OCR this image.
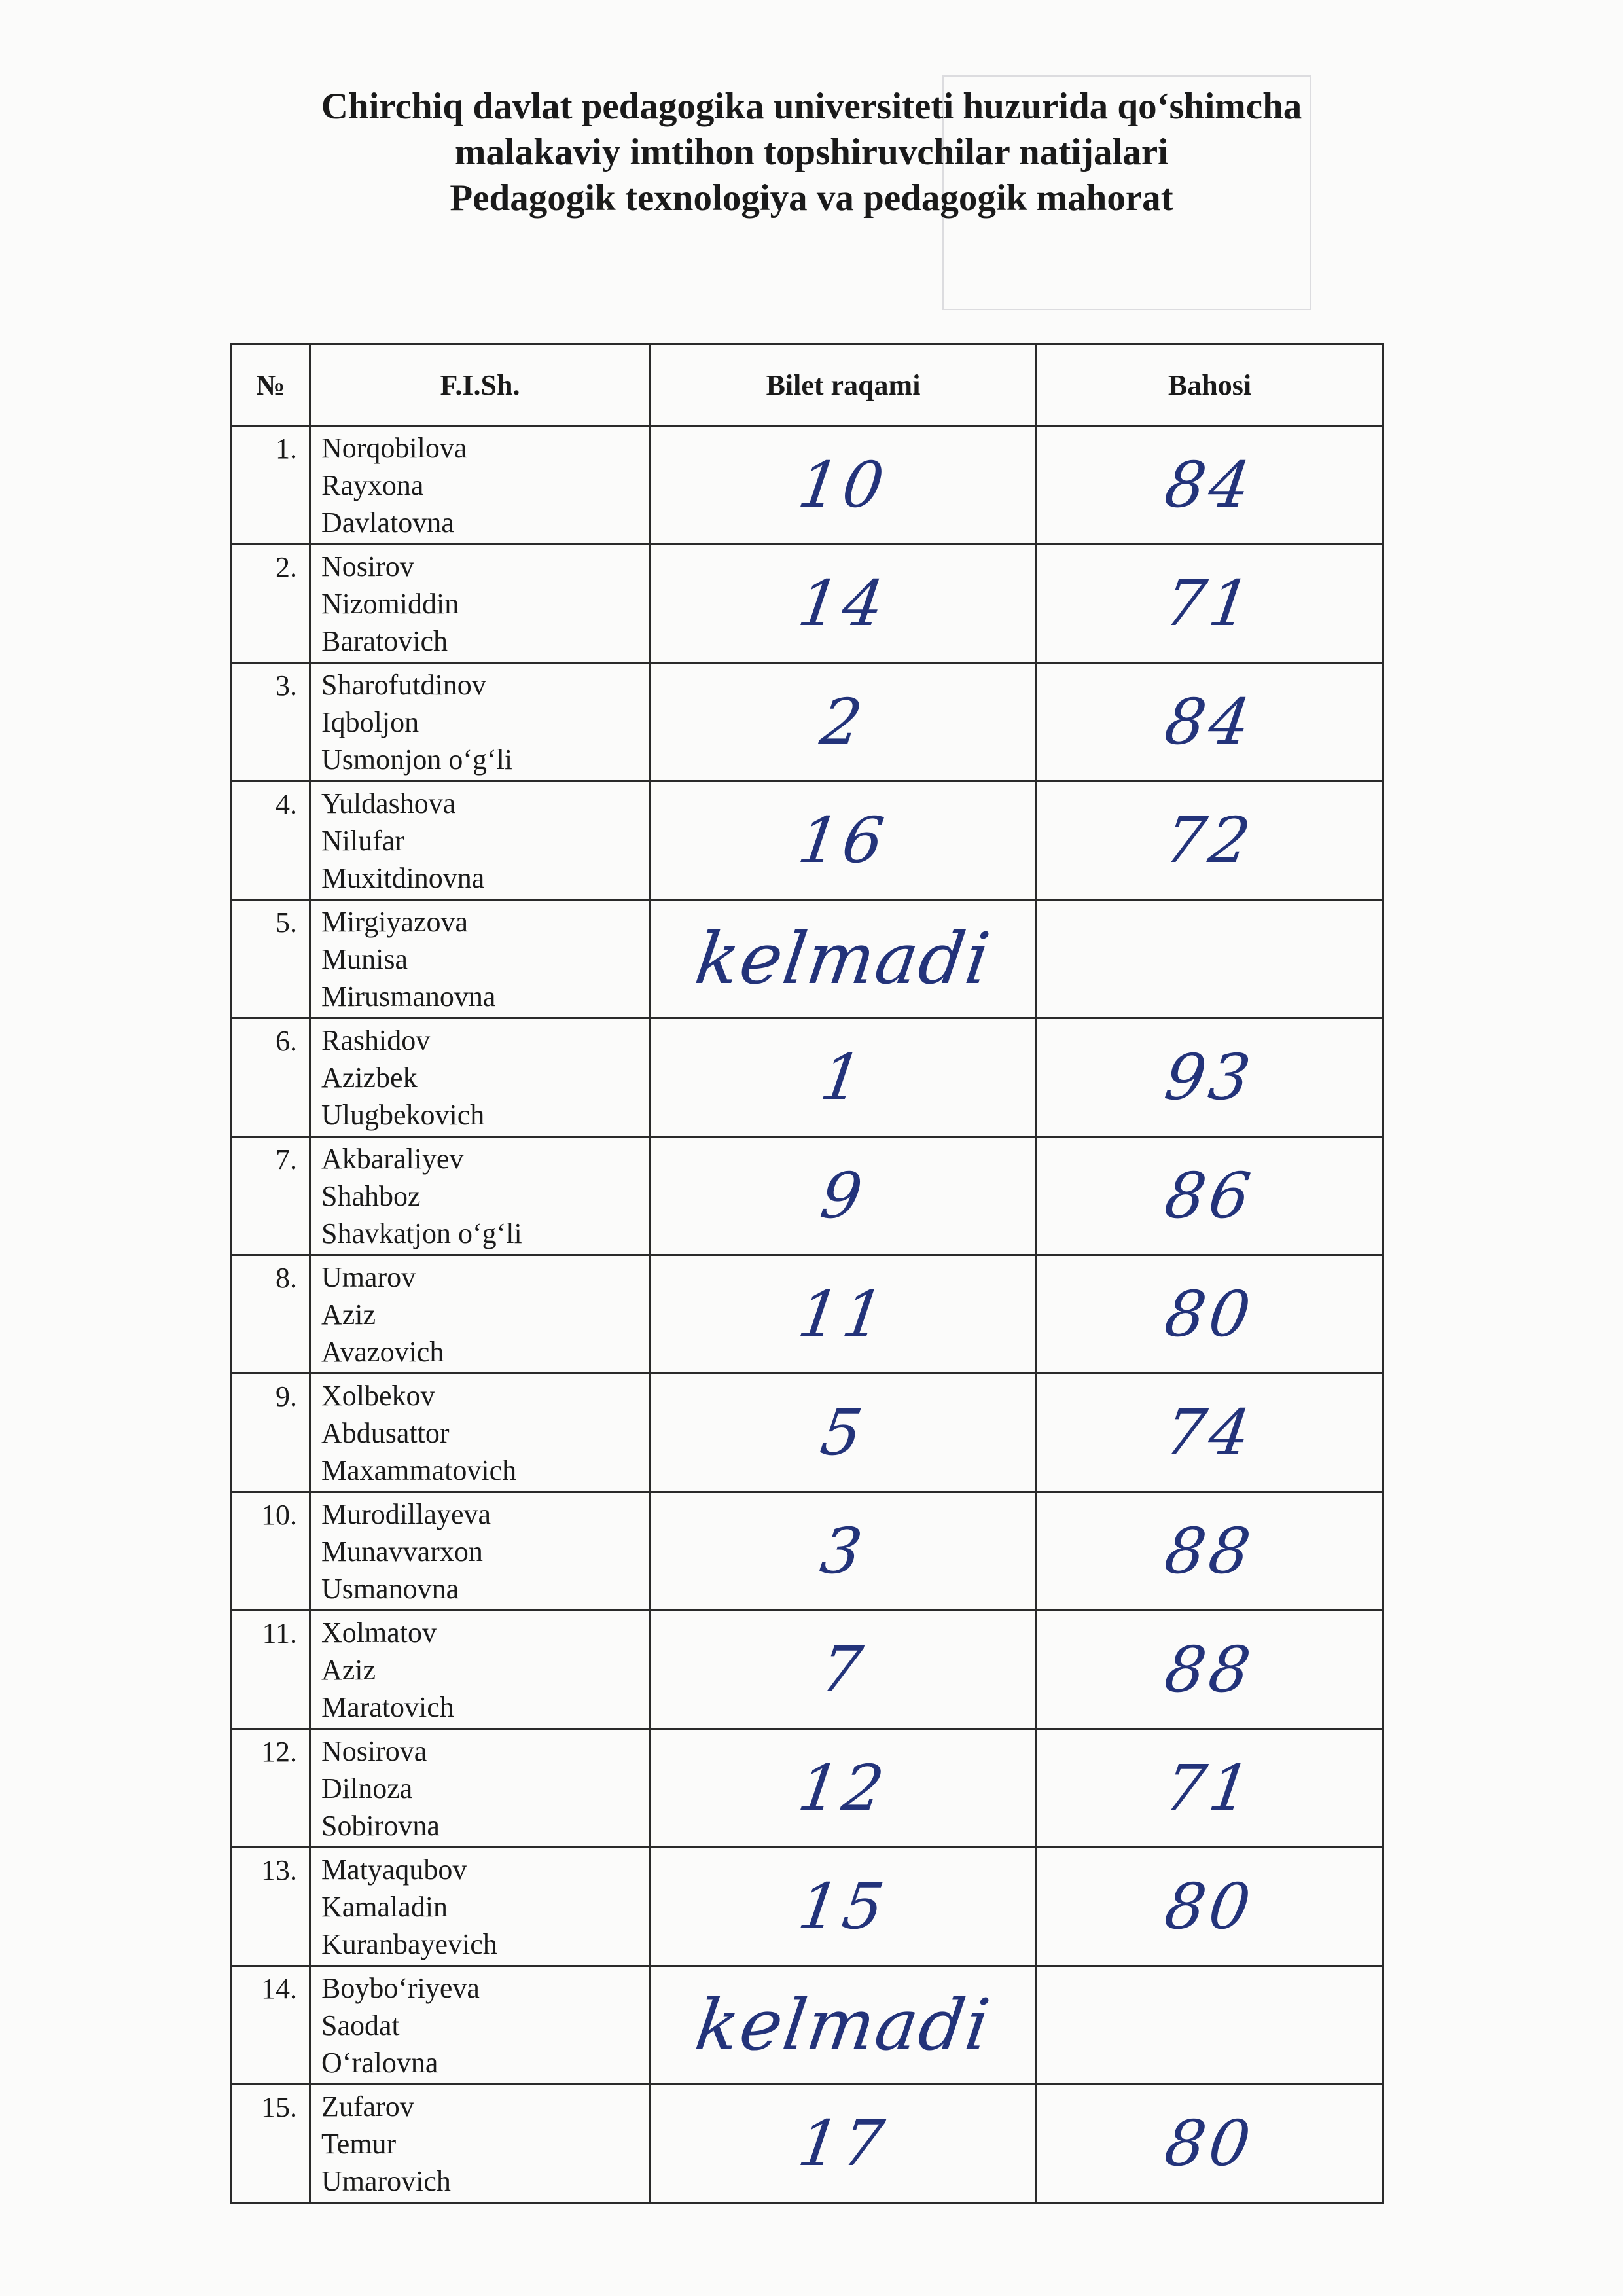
Chirchiq davlat pedagogika universiteti huzurida qo‘shimcha
malakaviy imtihon topshiruvchilar natijalari
Pedagogik texnologiya va pedagogik mahorat
№	F.I.Sh.	Bilet raqami	Bahosi
1.	Norqobilova
Rayxona
Davlatovna	10	84
2.	Nosirov
Nizomiddin
Baratovich	14	71
3.	Sharofutdinov
Iqboljon
Usmonjon o‘g‘li	2	84
4.	Yuldashova
Nilufar
Muxitdinovna	16	72
5.	Mirgiyazova
Munisa
Mirusmanovna	kelmadi	
6.	Rashidov
Azizbek
Ulugbekovich	1	93
7.	Akbaraliyev
Shahboz
Shavkatjon o‘g‘li	9	86
8.	Umarov
Aziz
Avazovich	11	80
9.	Xolbekov
Abdusattor
Maxammatovich	5	74
10.	Murodillayeva
Munavvarxon
Usmanovna	3	88
11.	Xolmatov
Aziz
Maratovich	7	88
12.	Nosirova
Dilnoza
Sobirovna	12	71
13.	Matyaqubov
Kamaladin
Kuranbayevich	15	80
14.	Boybo‘riyeva
Saodat
O‘ralovna	kelmadi	
15.	Zufarov
Temur
Umarovich	17	80
